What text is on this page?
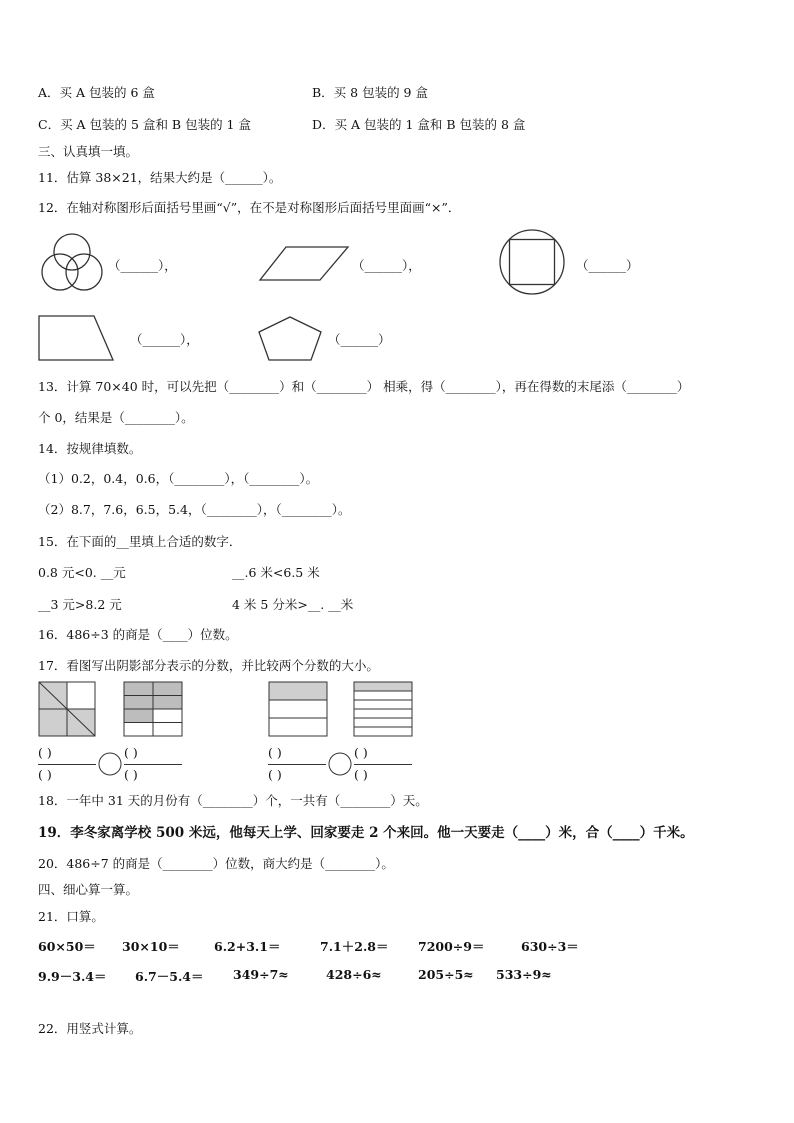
A．买 A 包装的 6 盒	B．买 8 包装的 9 盒
C．买 A 包装的 5 盒和 B 包装的 1 盒	D．买 A 包装的 1 盒和 B 包装的 8 盒
三、认真填一填。
11．估算 38×21，结果大约是（______）。
12．在轴对称图形后面括号里画“√”，在不是对称图形后面括号里面画“×”．
（______），	（______），	（______）
（______），	（______）
13．计算 70×40 时，可以先把（________）和（________） 相乘，得（________），再在得数的末尾添（________）
个 0，结果是（________）。
14．按规律填数。
（1）0.2，0.4，0.6，（________），（________）。
（2）8.7，7.6，6.5，5.4，（________），（________）。
15．在下面的__里填上合适的数字．
0.8 元<0. __元	__.6 米<6.5 米
__3 元>8.2 元	4 米 5 分米>__. __米
16．486÷3 的商是（____）位数。
17．看图写出阴影部分表示的分数，并比较两个分数的大小。
( )
( )
( )
( )
( )
( )
( )
( )
18．一年中 31 天的月份有（________）个，一共有（________）天。
19．李冬家离学校 500 米远，他每天上学、回家要走 2 个来回。他一天要走（____）米，合（____）千米。
20．486÷7 的商是（________）位数，商大约是（________）。
四、细心算一算。
21．口算。
60×50＝ 30×10＝	6.2+3.1＝	7.1＋2.8＝ 7200÷9＝	630÷3＝
9.9－3.4＝ 6.7－5.4＝ 349÷7≈	428÷6≈	205÷5≈ 533÷9≈
22．用竖式计算。
